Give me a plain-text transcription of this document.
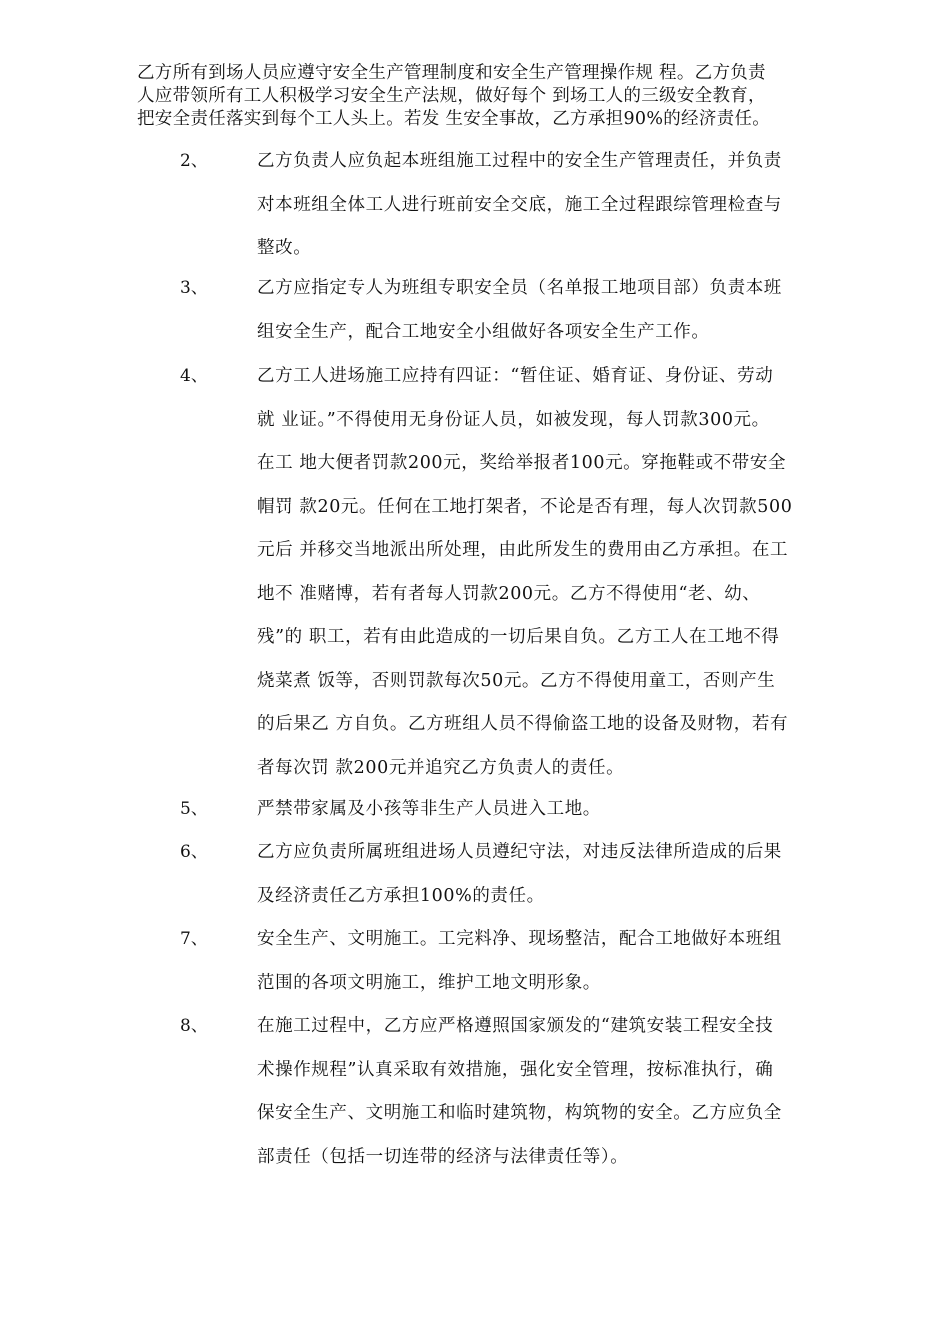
乙方所有到场人员应遵守安全生产管理制度和安全生产管理操作规 程。乙方负责

人应带领所有工人积极学习安全生产法规，做好每个 到场工人的三级安全教育，

把安全责任落实到每个工人头上。若发 生安全事故，乙方承担90%的经济责任。

2、	乙方负责人应负起本班组施工过程中的安全生产管理责任，并负责

对本班组全体工人进行班前安全交底，施工全过程跟综管理检查与

整改。

3、	乙方应指定专人为班组专职安全员（名单报工地项目部）负责本班

组安全生产，配合工地安全小组做好各项安全生产工作。

4、	乙方工人进场施工应持有四证：“暂住证、婚育证、身份证、劳动

就 业证。”不得使用无身份证人员，如被发现，每人罚款300元。

在工 地大便者罚款200元，奖给举报者100元。穿拖鞋或不带安全

帽罚 款20元。任何在工地打架者，不论是否有理，每人次罚款500

元后 并移交当地派出所处理，由此所发生的费用由乙方承担。在工

地不 准赌博，若有者每人罚款200元。乙方不得使用“老、幼、

残”的 职工，若有由此造成的一切后果自负。乙方工人在工地不得

烧菜煮 饭等，否则罚款每次50元。乙方不得使用童工，否则产生

的后果乙 方自负。乙方班组人员不得偷盗工地的设备及财物，若有

者每次罚 款200元并追究乙方负责人的责任。

5、	严禁带家属及小孩等非生产人员进入工地。

6、	乙方应负责所属班组进场人员遵纪守法，对违反法律所造成的后果

及经济责任乙方承担100%的责任。

7、	安全生产、文明施工。工完料净、现场整洁，配合工地做好本班组

范围的各项文明施工，维护工地文明形象。

8、	在施工过程中，乙方应严格遵照国家颁发的“建筑安装工程安全技

术操作规程”认真采取有效措施，强化安全管理，按标准执行，确

保安全生产、文明施工和临时建筑物，构筑物的安全。乙方应负全

部责任（包括一切连带的经济与法律责任等）。
